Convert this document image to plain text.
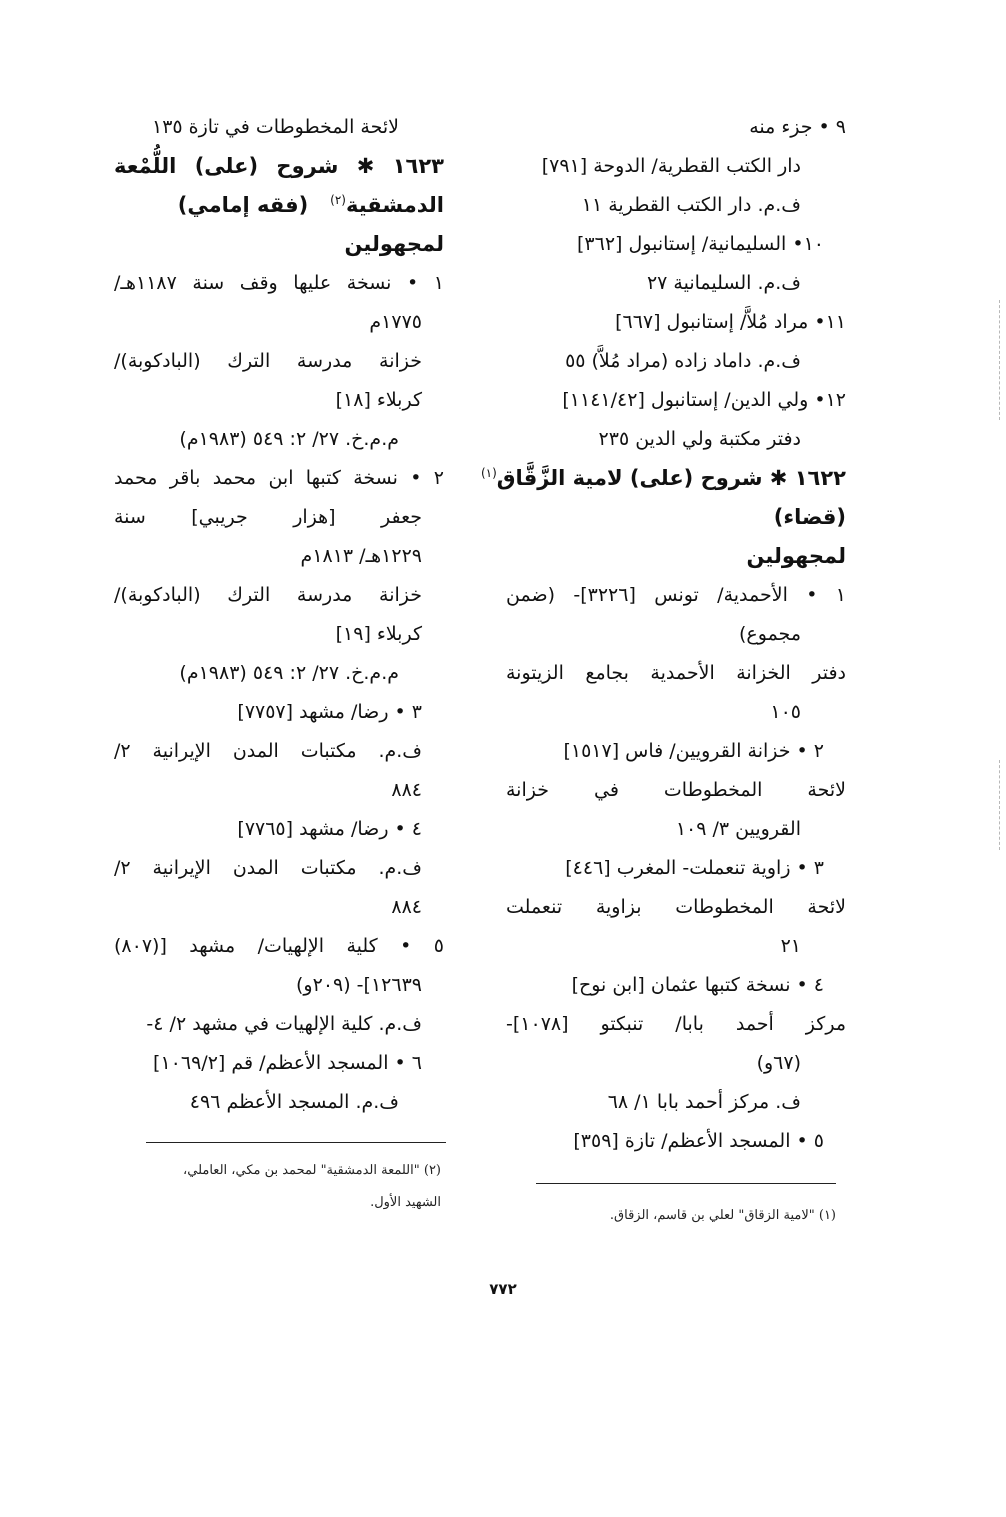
٩ • جزء منه
دار الكتب القطرية/ الدوحة [٧٩١]
ف.م. دار الكتب القطرية ١١
١٠• السليمانية/ إستانبول [٣٦٢]
ف.م. السليمانية ٢٧
١١• مراد مُلاَّ/ إستانبول [٦٦٧]
ف.م. داماد زاده (مراد مُلاَّ) ٥٥
١٢• ولي الدين/ إستانبول [١١٤١/٤٢]
دفتر مكتبة ولي الدين ٢٣٥
١٦٢٢ ✱ شروح (على) لامية الزَّقَّاق$^{(١)}$
(قضاء)
لمجهولين
١ • الأحمدية/ تونس [٣٢٢٦]- (ضمن
مجموع)
دفتر الخزانة الأحمدية بجامع الزيتونة
١٠٥
٢ • خزانة القرويين/ فاس [١٥١٧]
لائحة المخطوطات في خزانة
القرويين ٣/ ١٠٩
٣ • زاوية تنعملت- المغرب [٤٤٦]
لائحة المخطوطات بزاوية تنعملت
٢١
٤ • نسخة كتبها عثمان [ابن نوح]
مركز أحمد بابا/ تنبكتو [١٠٧٨]-
(٦٧و)
ف. مركز أحمد بابا ١/ ٦٨
٥ • المسجد الأعظم/ تازة [٣٥٩]
لائحة المخطوطات في تازة ١٣٥
١٦٢٣ ✱ شروح (على) اللُّمْعة
الدمشقية$^{(٢)}$   (فقه إمامي)
لمجهولين
١ • نسخة عليها وقف سنة ١١٨٧هـ/
١٧٧٥م
خزانة مدرسة الترك (البادكوبة)/
كربلاء [١٨]
م.م.خ. ٢٧/ ٢: ٥٤٩ (١٩٨٣م)
٢ • نسخة كتبها ابن محمد باقر محمد
جعفر [هزار جريبي] سنة
١٢٢٩هـ/ ١٨١٣م
خزانة مدرسة الترك (البادكوبة)/
كربلاء [١٩]
م.م.خ. ٢٧/ ٢: ٥٤٩ (١٩٨٣م)
٣ • رضا/ مشهد [٧٧٥٧]
ف.م. مكتبات المدن الإيرانية ٢/
٨٨٤
٤ • رضا/ مشهد [٧٧٦٥]
ف.م. مكتبات المدن الإيرانية ٢/
٨٨٤
٥ • كلية الإلهيات/ مشهد [(٨٠٧)
١٢٦٣٩]- (٢٠٩و)
ف.م. كلية الإلهيات في مشهد ٢/ ٤-
٦ • المسجد الأعظم/ قم [١٠٦٩/٢]
ف.م. المسجد الأعظم ٤٩٦
(٢) "اللمعة الدمشقية" لمحمد بن مكي، العاملي،
الشهيد الأول.
(١) "لامية الزقاق" لعلي بن قاسم، الزقاق.
٧٧٢
